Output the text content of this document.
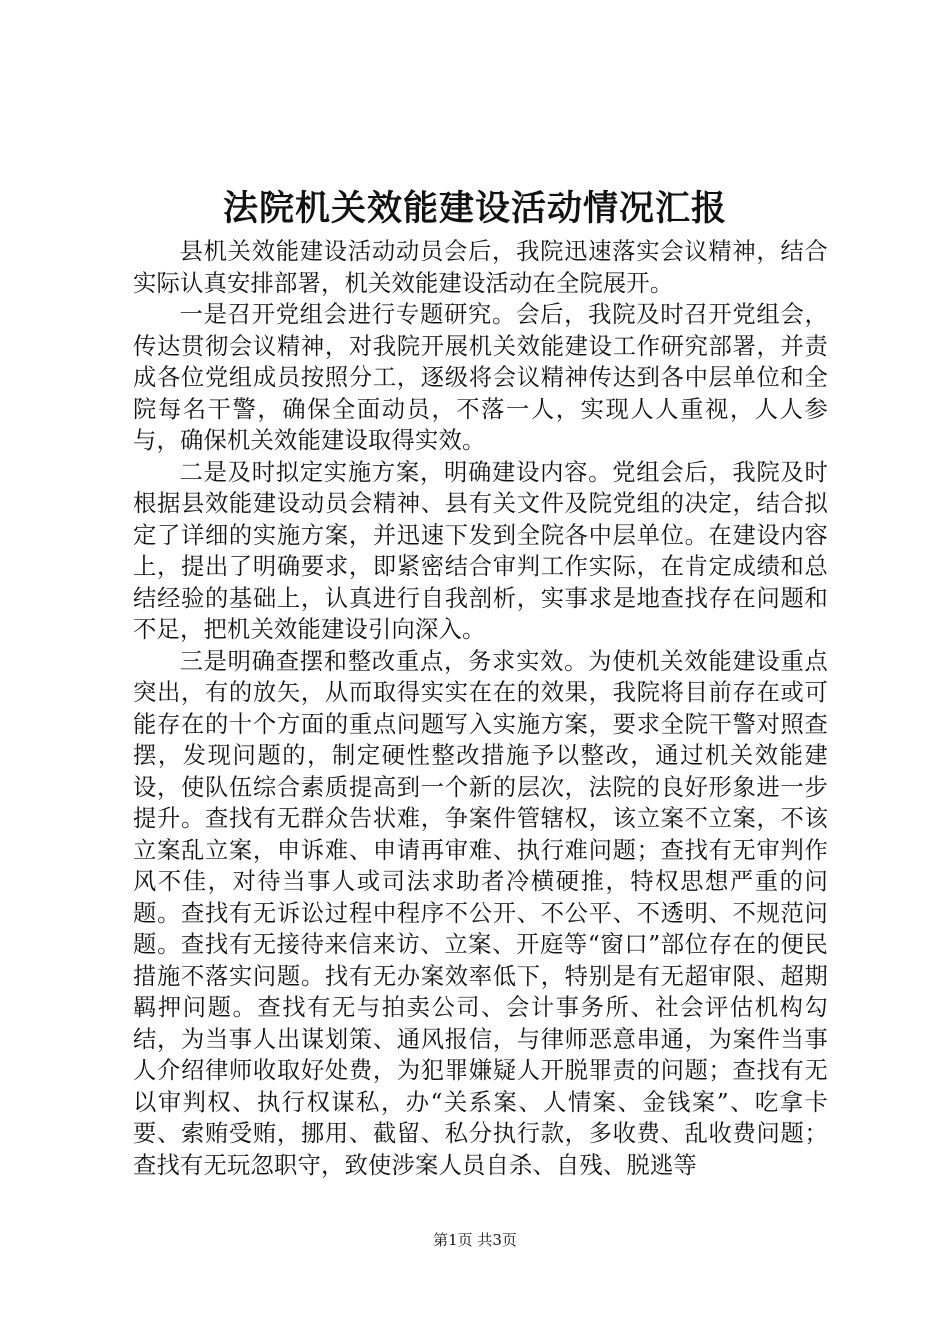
法院机关效能建设活动情况汇报

县机关效能建设活动动员会后，我院迅速落实会议精神，结合实际认真安排部署，机关效能建设活动在全院展开。

一是召开党组会进行专题研究。会后，我院及时召开党组会，传达贯彻会议精神，对我院开展机关效能建设工作研究部署，并责成各位党组成员按照分工，逐级将会议精神传达到各中层单位和全院每名干警，确保全面动员，不落一人，实现人人重视，人人参与，确保机关效能建设取得实效。

二是及时拟定实施方案，明确建设内容。党组会后，我院及时根据县效能建设动员会精神、县有关文件及院党组的决定，结合拟定了详细的实施方案，并迅速下发到全院各中层单位。在建设内容上，提出了明确要求，即紧密结合审判工作实际，在肯定成绩和总结经验的基础上，认真进行自我剖析，实事求是地查找存在问题和不足，把机关效能建设引向深入。

三是明确查摆和整改重点，务求实效。为使机关效能建设重点突出，有的放矢，从而取得实实在在的效果，我院将目前存在或可能存在的十个方面的重点问题写入实施方案，要求全院干警对照查摆，发现问题的，制定硬性整改措施予以整改，通过机关效能建设，使队伍综合素质提高到一个新的层次，法院的良好形象进一步提升。查找有无群众告状难，争案件管辖权，该立案不立案，不该立案乱立案，申诉难、申请再审难、执行难问题；查找有无审判作风不佳，对待当事人或司法求助者冷横硬推，特权思想严重的问题。查找有无诉讼过程中程序不公开、不公平、不透明、不规范问题。查找有无接待来信来访、立案、开庭等“窗口”部位存在的便民措施不落实问题。找有无办案效率低下，特别是有无超审限、超期羁押问题。查找有无与拍卖公司、会计事务所、社会评估机构勾结，为当事人出谋划策、通风报信，与律师恶意串通，为案件当事人介绍律师收取好处费，为犯罪嫌疑人开脱罪责的问题；查找有无以审判权、执行权谋私，办“关系案、人情案、金钱案”、吃拿卡要、索贿受贿，挪用、截留、私分执行款，多收费、乱收费问题；查找有无玩忽职守，致使涉案人员自杀、自残、脱逃等

第1页 共3页
